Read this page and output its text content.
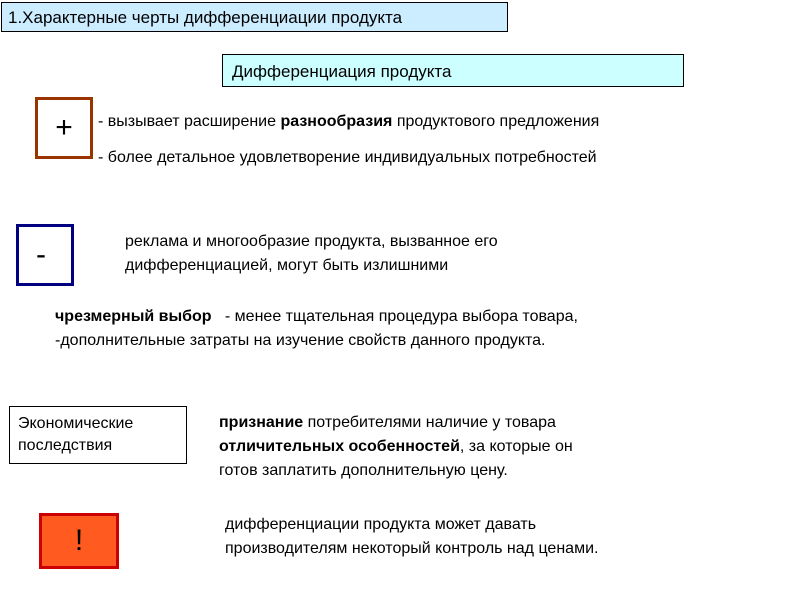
1.Характерные черты дифференциации продукта
Дифференциация продукта
+	- вызывает расширение разнообразия продуктового предложения
- более детальное удовлетворение индивидуальных потребностей
-	реклама и многообразие продукта, вызванное его
дифференциацией, могут быть излишними
чрезмерный выбор - менее тщательная процедура выбора товара,
-дополнительные затраты на изучение свойств данного продукта.
Экономические
последствия
признание потребителями наличие у товара
отличительных особенностей, за которые он
готов заплатить дополнительную цену.
!	дифференциации продукта может давать
производителям некоторый контроль над ценами.
